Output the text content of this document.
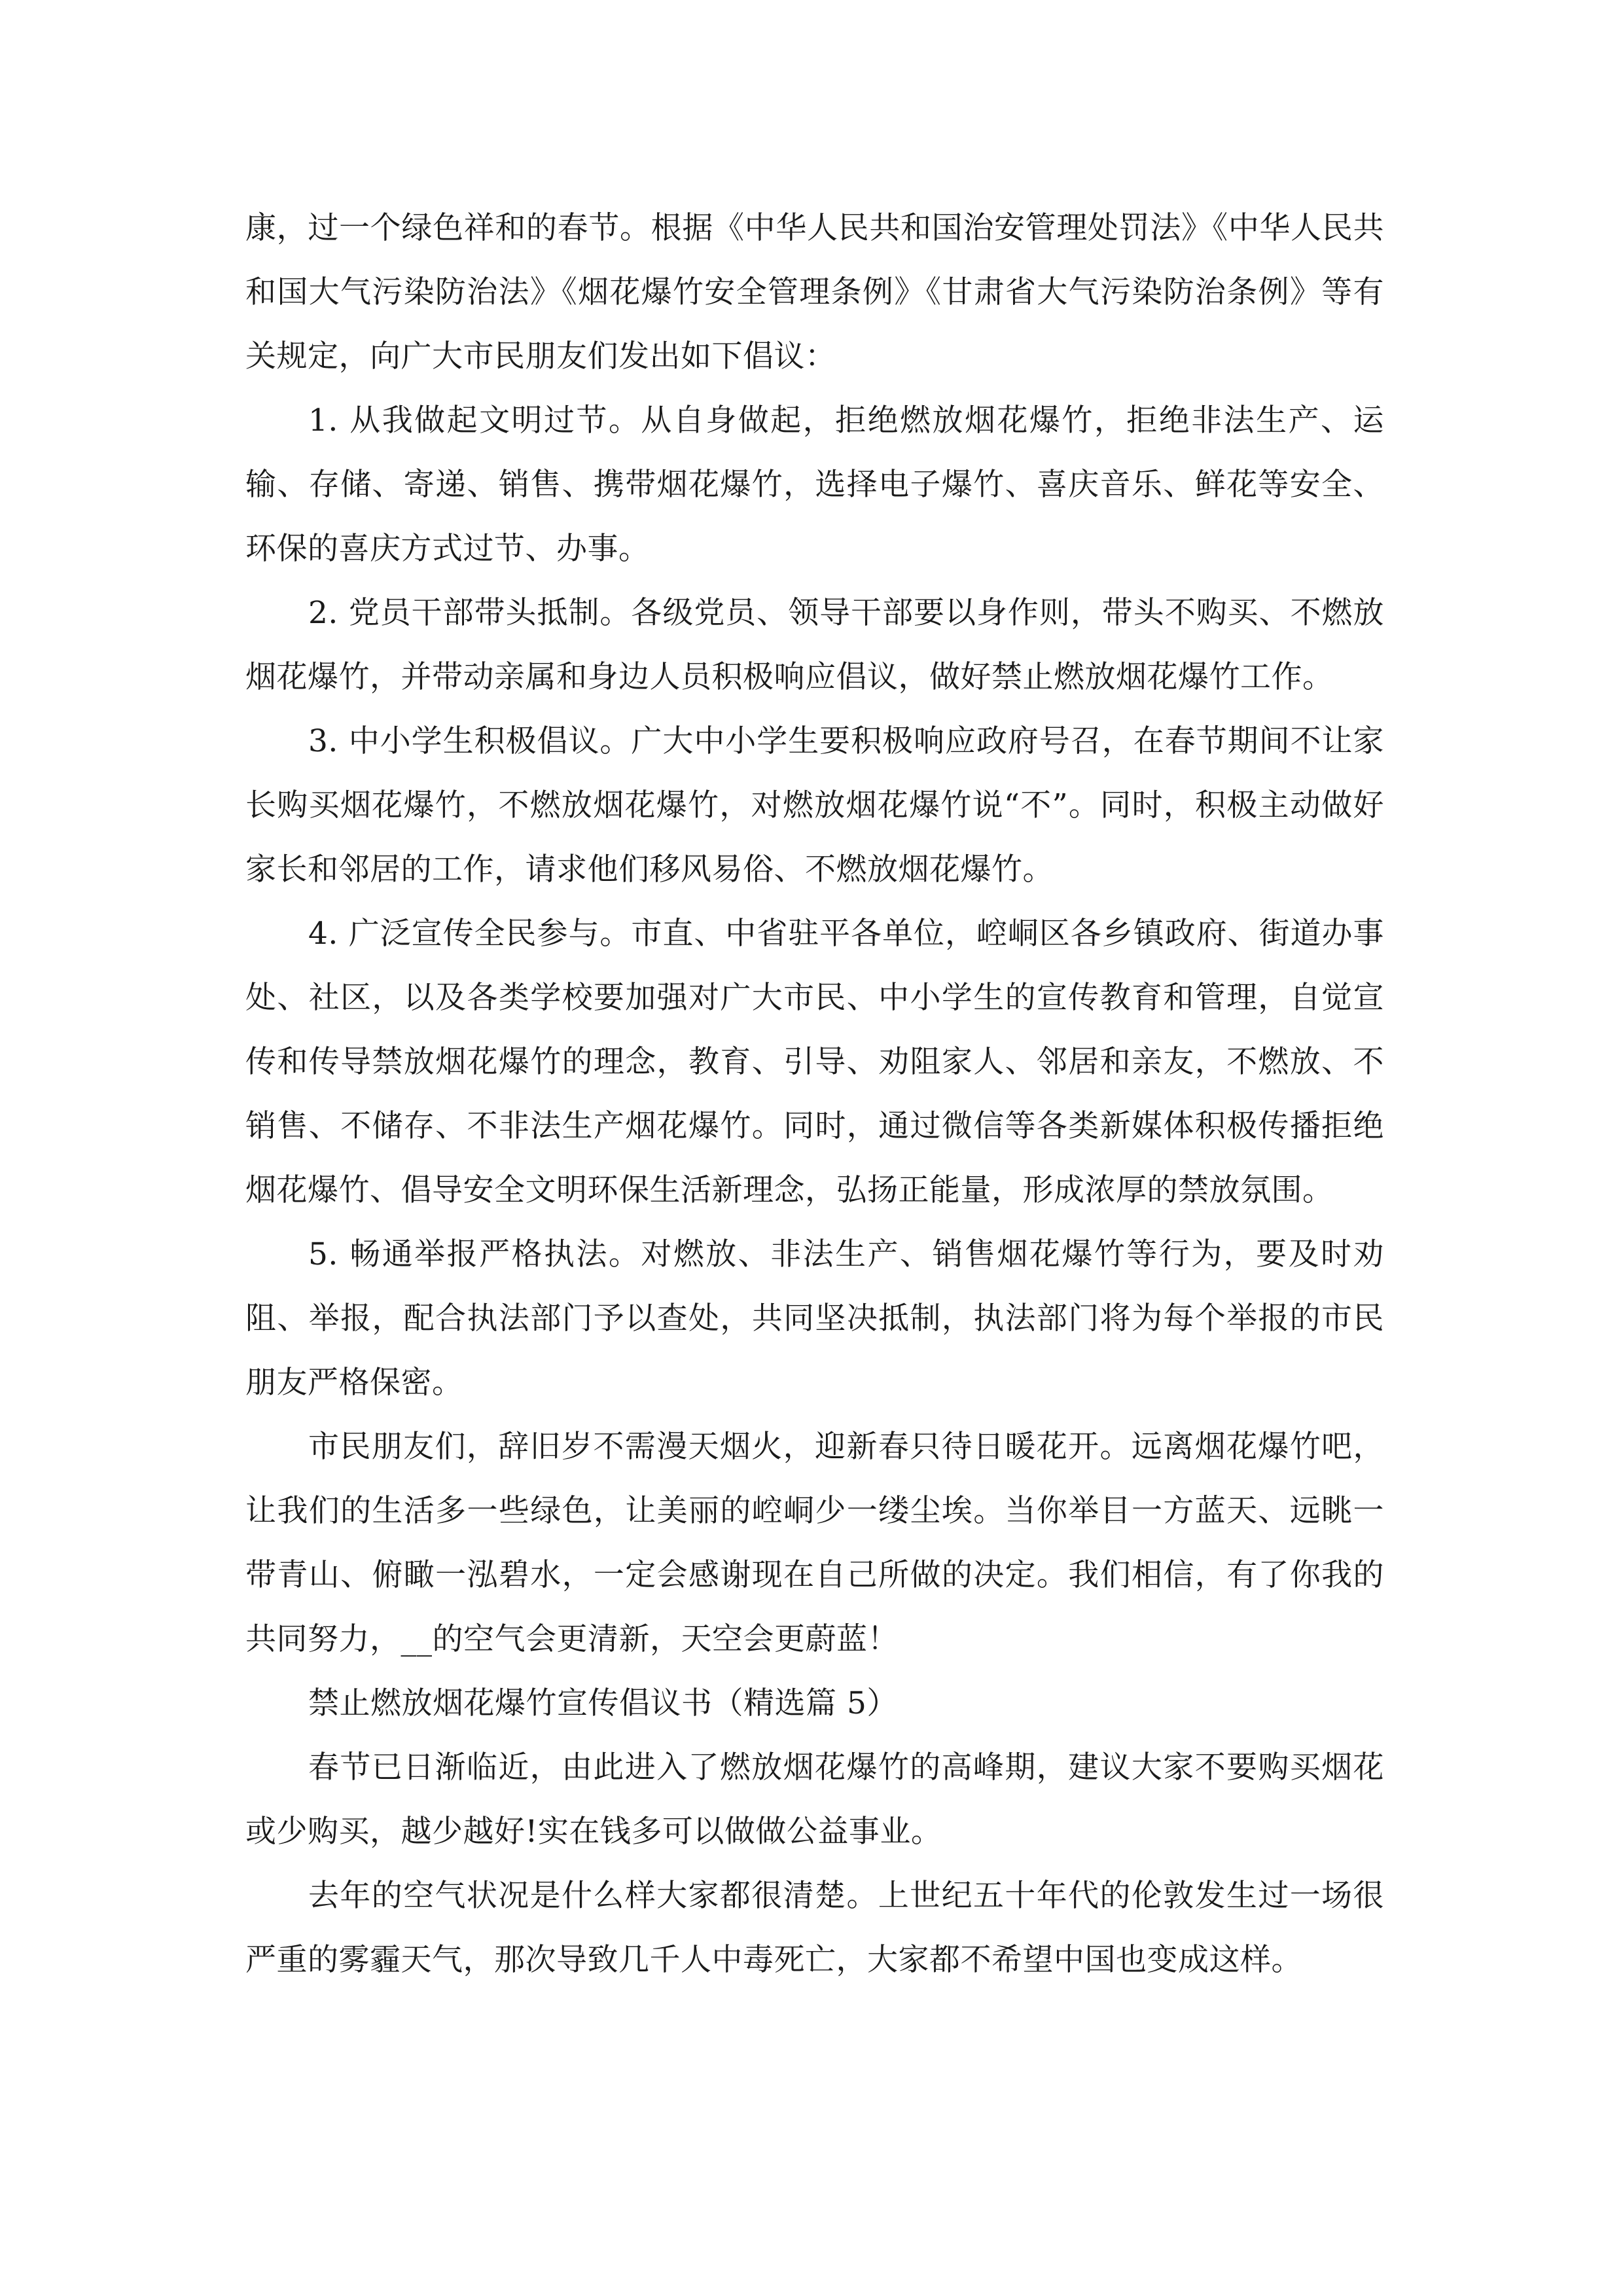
康，过一个绿色祥和的春节。根据《中华人民共和国治安管理处罚法》《中华人民共和国大气污染防治法》《烟花爆竹安全管理条例》《甘肃省大气污染防治条例》等有关规定，向广大市民朋友们发出如下倡议：

1. 从我做起文明过节。从自身做起，拒绝燃放烟花爆竹，拒绝非法生产、运输、存储、寄递、销售、携带烟花爆竹，选择电子爆竹、喜庆音乐、鲜花等安全、环保的喜庆方式过节、办事。

2. 党员干部带头抵制。各级党员、领导干部要以身作则，带头不购买、不燃放烟花爆竹，并带动亲属和身边人员积极响应倡议，做好禁止燃放烟花爆竹工作。

3. 中小学生积极倡议。广大中小学生要积极响应政府号召，在春节期间不让家长购买烟花爆竹，不燃放烟花爆竹，对燃放烟花爆竹说“不”。同时，积极主动做好家长和邻居的工作，请求他们移风易俗、不燃放烟花爆竹。

4. 广泛宣传全民参与。市直、中省驻平各单位，崆峒区各乡镇政府、街道办事处、社区，以及各类学校要加强对广大市民、中小学生的宣传教育和管理，自觉宣传和传导禁放烟花爆竹的理念，教育、引导、劝阻家人、邻居和亲友，不燃放、不销售、不储存、不非法生产烟花爆竹。同时，通过微信等各类新媒体积极传播拒绝烟花爆竹、倡导安全文明环保生活新理念，弘扬正能量，形成浓厚的禁放氛围。

5. 畅通举报严格执法。对燃放、非法生产、销售烟花爆竹等行为，要及时劝阻、举报，配合执法部门予以查处，共同坚决抵制，执法部门将为每个举报的市民朋友严格保密。

市民朋友们，辞旧岁不需漫天烟火，迎新春只待日暖花开。远离烟花爆竹吧，让我们的生活多一些绿色，让美丽的崆峒少一缕尘埃。当你举目一方蓝天、远眺一带青山、俯瞰一泓碧水，一定会感谢现在自己所做的决定。我们相信，有了你我的共同努力，__的空气会更清新，天空会更蔚蓝！

禁止燃放烟花爆竹宣传倡议书（精选篇 5）

春节已日渐临近，由此进入了燃放烟花爆竹的高峰期，建议大家不要购买烟花或少购买，越少越好!实在钱多可以做做公益事业。

去年的空气状况是什么样大家都很清楚。上世纪五十年代的伦敦发生过一场很严重的雾霾天气，那次导致几千人中毒死亡，大家都不希望中国也变成这样。
